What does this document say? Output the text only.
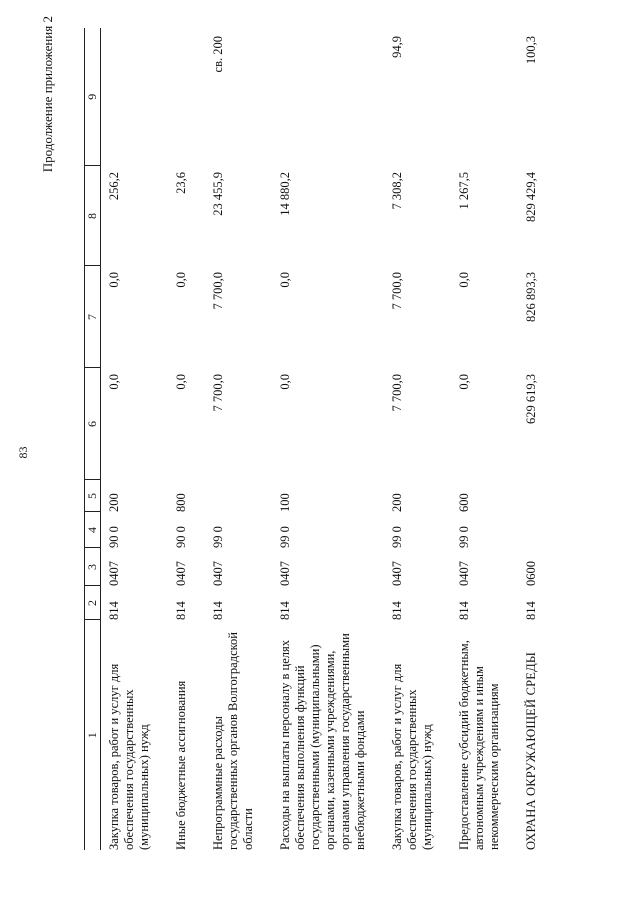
83
Продолжение приложения 2
1	2	3	4	5	6	7	8	9
Закупка товаров, работ и услуг для обеспечения государственных (муниципальных) нужд	814	0407	90 0	200	0,0	0,0	256,2	
Иные бюджетные ассигнования	814	0407	90 0	800	0,0	0,0	23,6	
Непрограммные расходы государственных органов Волгоградской области	814	0407	99 0		7 700,0	7 700,0	23 455,9	св. 200
Расходы на выплаты персоналу в целях обеспечения выполнения функций государственными (муниципальными) органами, казенными учреждениями, органами управления государственными внебюджетными фондами	814	0407	99 0	100	0,0	0,0	14 880,2	
Закупка товаров, работ и услуг для обеспечения государственных (муниципальных) нужд	814	0407	99 0	200	7 700,0	7 700,0	7 308,2	94,9
Предоставление субсидий бюджетным, автономным учреждениям и иным некоммерческим организациям	814	0407	99 0	600	0,0	0,0	1 267,5	
ОХРАНА ОКРУЖАЮЩЕЙ СРЕДЫ	814	0600			629 619,3	826 893,3	829 429,4	100,3
